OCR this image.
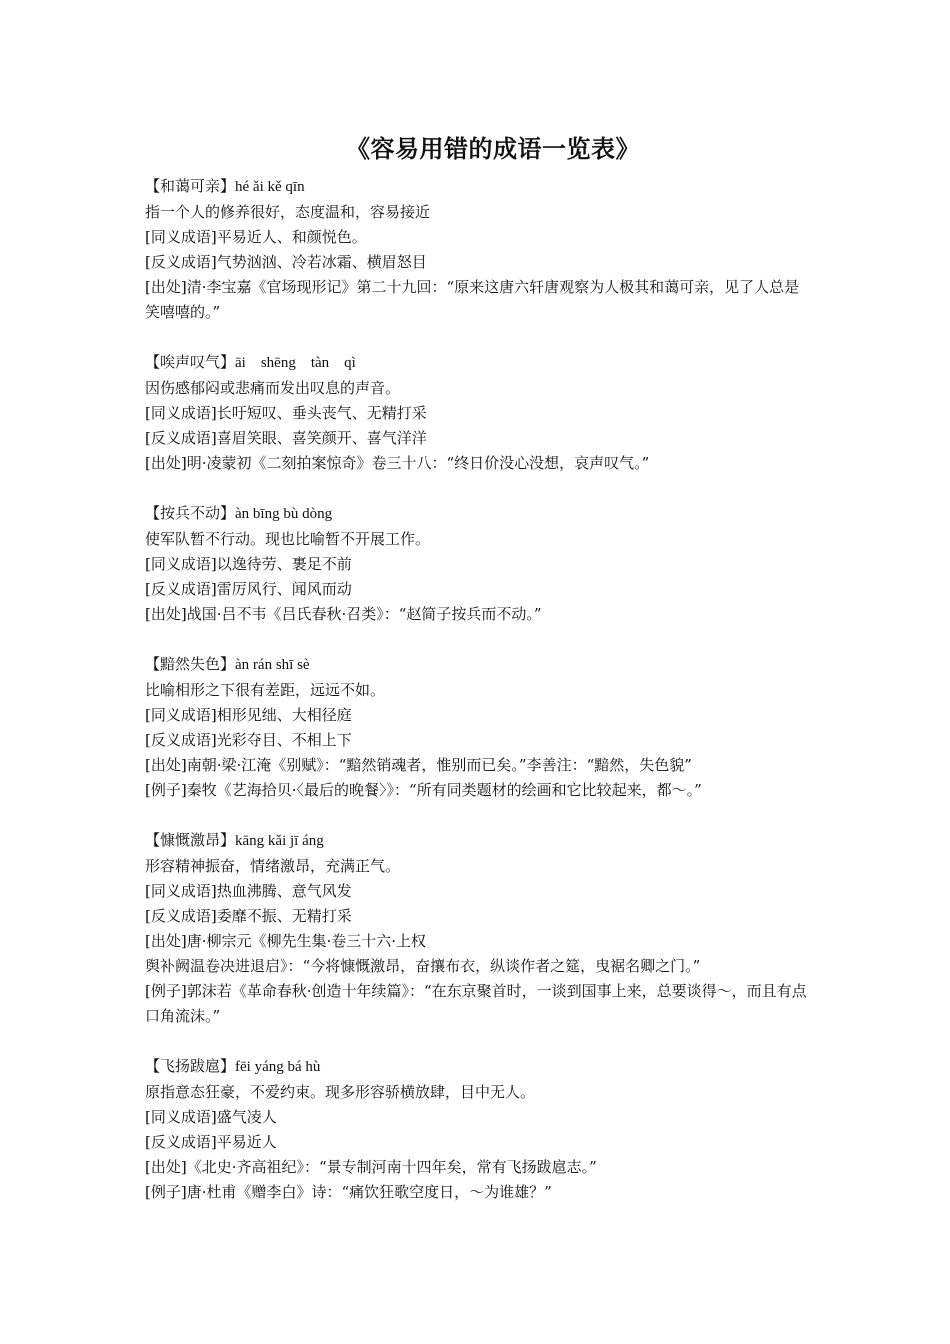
《容易用错的成语一览表》
【和蔼可亲】hé ǎi kě qīn
指一个人的修养很好，态度温和，容易接近
[同义成语]平易近人、和颜悦色。
[反义成语]气势汹汹、冷若冰霜、横眉怒目
[出处]清·李宝嘉《官场现形记》第二十九回：“原来这唐六轩唐观察为人极其和蔼可亲，见了人总是笑嘻嘻的。”
【唉声叹气】āi    shēng    tàn    qì
因伤感郁闷或悲痛而发出叹息的声音。
[同义成语]长吁短叹、垂头丧气、无精打采
[反义成语]喜眉笑眼、喜笑颜开、喜气洋洋
[出处]明·凌蒙初《二刻拍案惊奇》卷三十八：“终日价没心没想，哀声叹气。”
【按兵不动】àn bīng bù dòng
使军队暂不行动。现也比喻暂不开展工作。
[同义成语]以逸待劳、裹足不前
[反义成语]雷厉风行、闻风而动
[出处]战国·吕不韦《吕氏春秋·召类》：“赵简子按兵而不动。”
【黯然失色】àn rán shī sè
比喻相形之下很有差距，远远不如。
[同义成语]相形见绌、大相径庭
[反义成语]光彩夺目、不相上下
[出处]南朝·梁·江淹《别赋》：“黯然销魂者，惟别而已矣。”李善注：“黯然，失色貌”
[例子]秦牧《艺海拾贝·〈最后的晚餐〉》：“所有同类题材的绘画和它比较起来，都～。”
【慷慨激昂】kāng kǎi jī áng
形容精神振奋，情绪激昂，充满正气。
[同义成语]热血沸腾、意气风发
[反义成语]委靡不振、无精打采
[出处]唐·柳宗元《柳先生集·卷三十六·上权
舆补阙温卷决进退启》：“今将慷慨激昂，奋攘布衣，纵谈作者之筵，曳裾名卿之门。”
[例子]郭沫若《革命春秋·创造十年续篇》：“在东京聚首时，一谈到国事上来，总要谈得～，而且有点口角流沫。”
【飞扬跋扈】fēi yáng bá hù
原指意态狂豪，不爱约束。现多形容骄横放肆，目中无人。
[同义成语]盛气凌人
[反义成语]平易近人
[出处]《北史·齐高祖纪》：“景专制河南十四年矣，常有飞扬跋扈志。”
[例子]唐·杜甫《赠李白》诗：“痛饮狂歌空度日，～为谁雄？”
